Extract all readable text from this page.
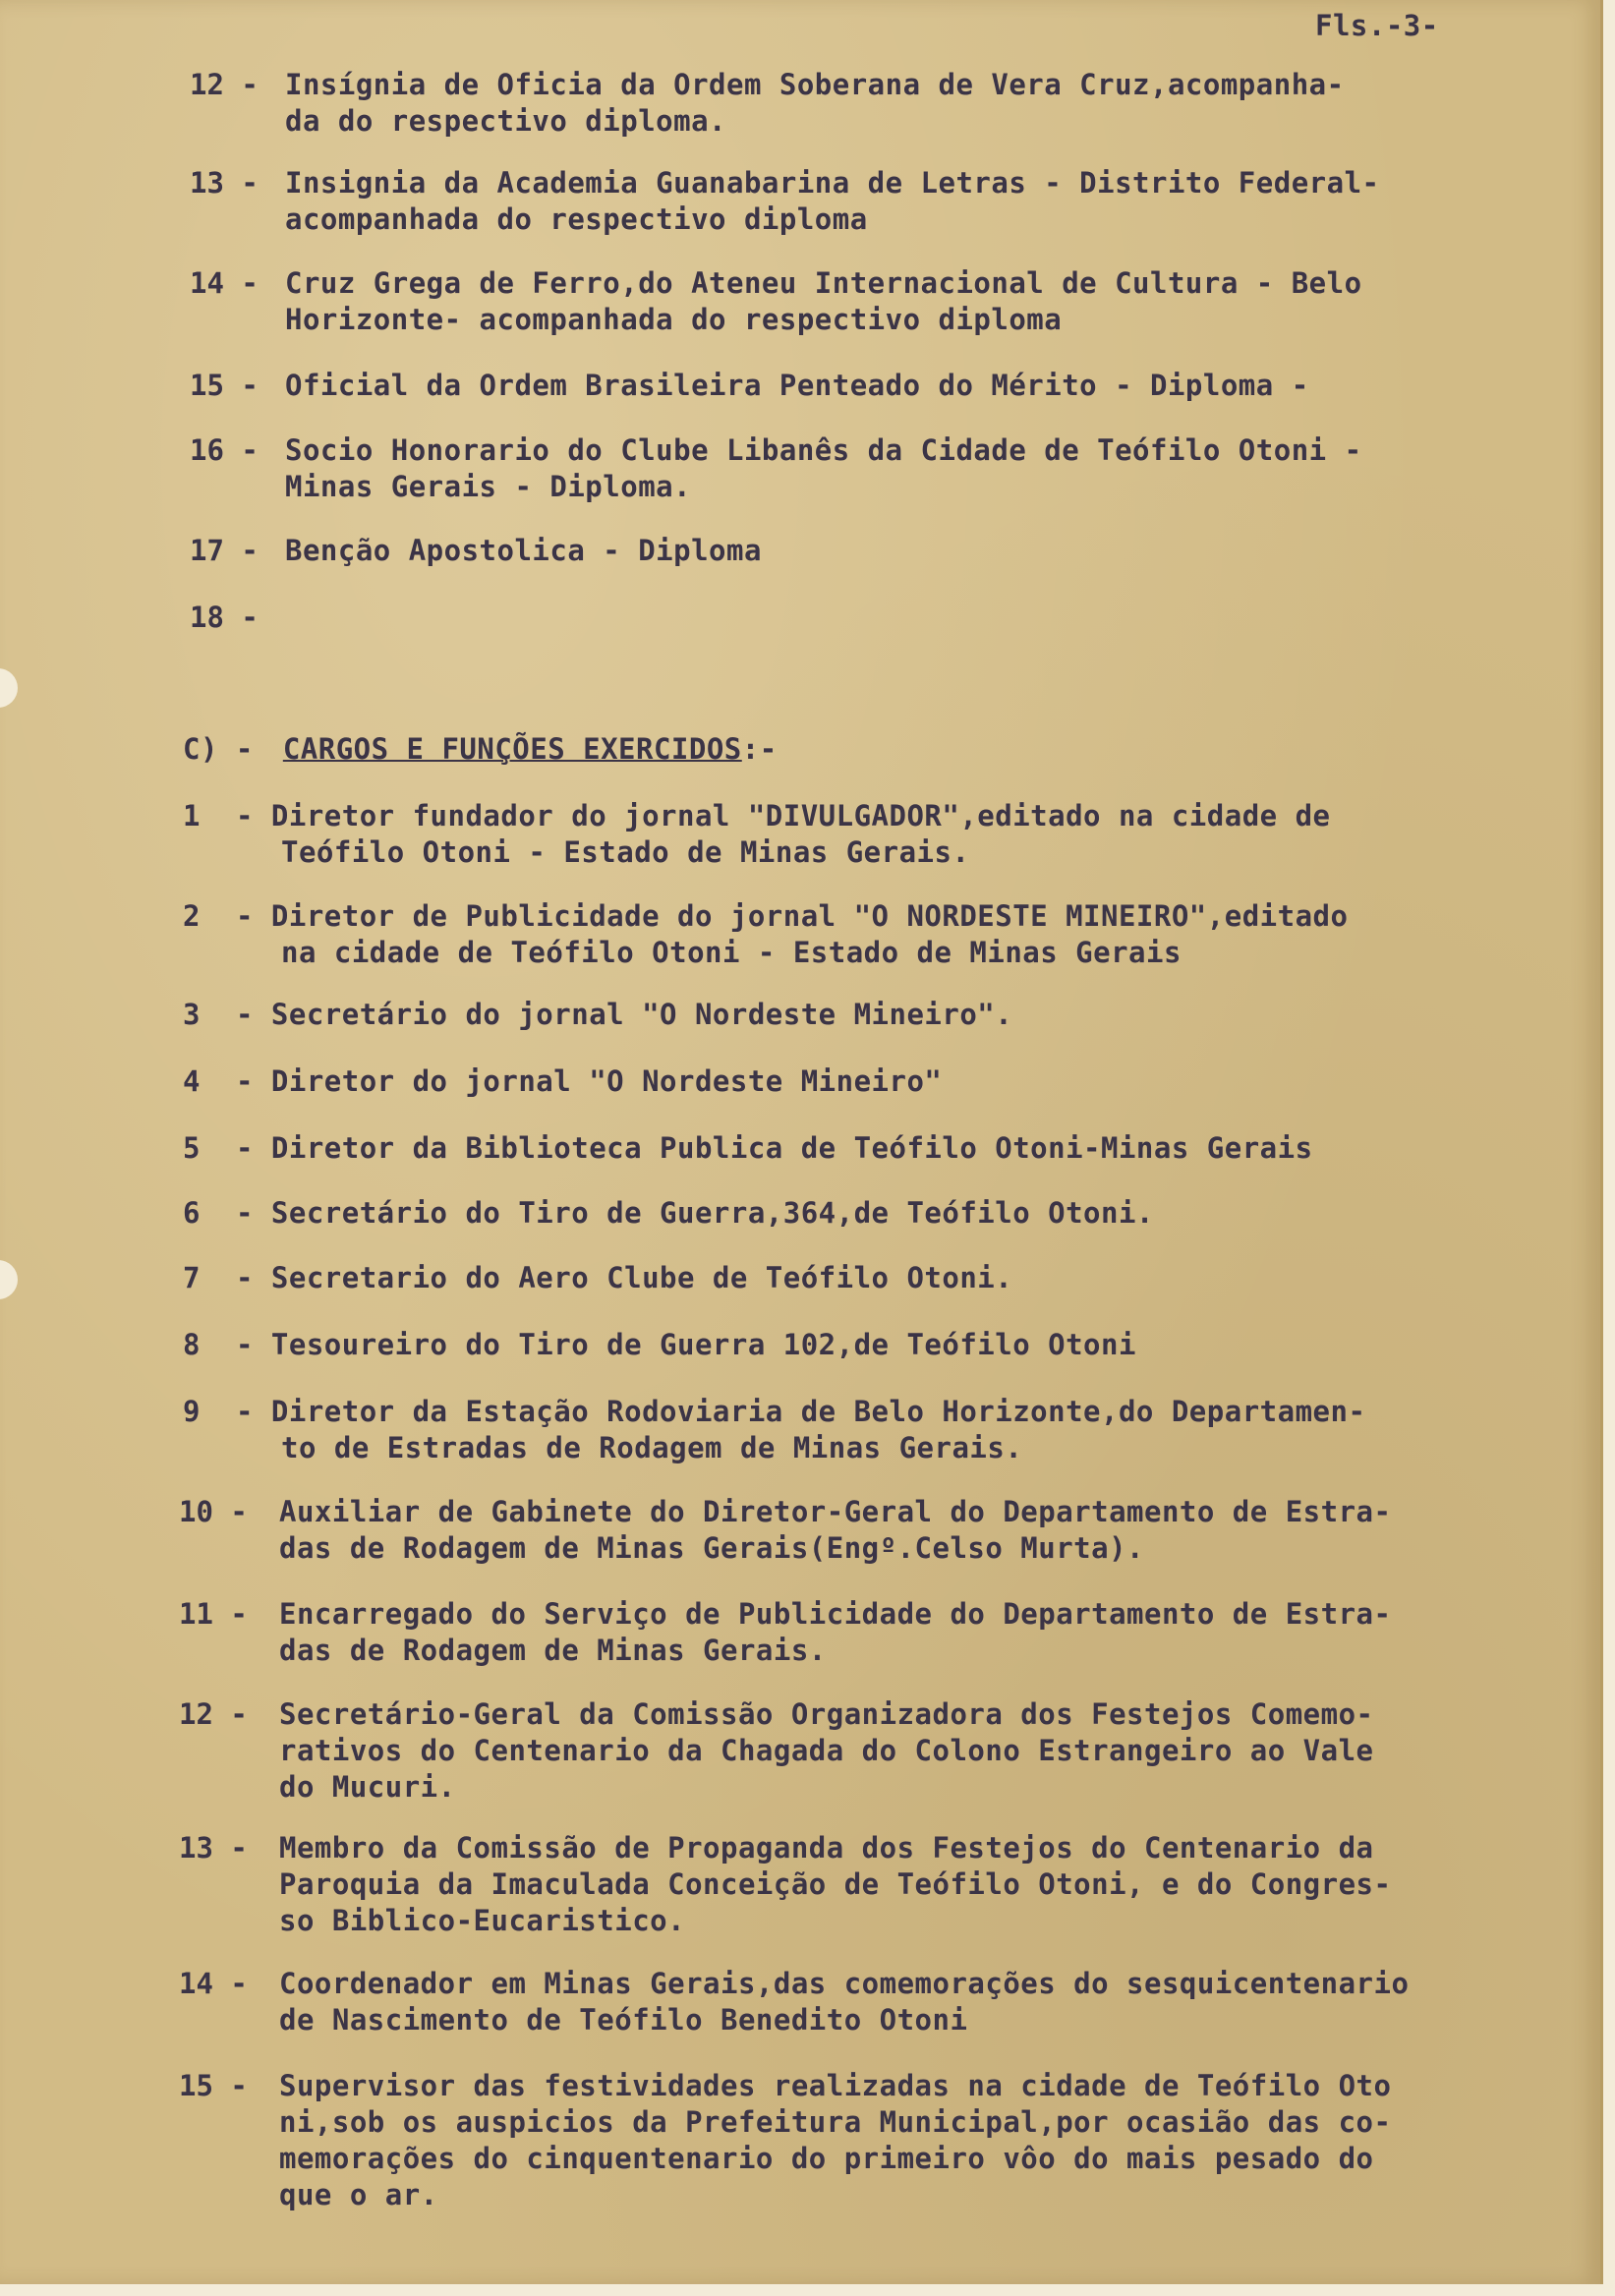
Fls.-3-
12 - Insígnia de Oficia da Ordem Soberana de Vera Cruz,acompanha-
da do respectivo diploma.
13 - Insignia da Academia Guanabarina de Letras - Distrito Federal-
acompanhada do respectivo diploma
14 - Cruz Grega de Ferro,do Ateneu Internacional de Cultura - Belo
Horizonte- acompanhada do respectivo diploma
15 - Oficial da Ordem Brasileira Penteado do Mérito - Diploma -
16 - Socio Honorario do Clube Libanês da Cidade de Teófilo Otoni -
Minas Gerais - Diploma.
17 - Benção Apostolica - Diploma
18 -
C) - CARGOS E FUNÇÕES EXERCIDOS:-
1 - Diretor fundador do jornal "DIVULGADOR",editado na cidade de
Teófilo Otoni - Estado de Minas Gerais.
2 - Diretor de Publicidade do jornal "O NORDESTE MINEIRO",editado
na cidade de Teófilo Otoni - Estado de Minas Gerais
3 - Secretário do jornal "O Nordeste Mineiro".
4 - Diretor do jornal "O Nordeste Mineiro"
5 - Diretor da Biblioteca Publica de Teófilo Otoni-Minas Gerais
6 - Secretário do Tiro de Guerra,364,de Teófilo Otoni.
7 - Secretario do Aero Clube de Teófilo Otoni.
8 - Tesoureiro do Tiro de Guerra 102,de Teófilo Otoni
9 - Diretor da Estação Rodoviaria de Belo Horizonte,do Departamen-
to de Estradas de Rodagem de Minas Gerais.
10 - Auxiliar de Gabinete do Diretor-Geral do Departamento de Estra-
das de Rodagem de Minas Gerais(Engº.Celso Murta).
11 - Encarregado do Serviço de Publicidade do Departamento de Estra-
das de Rodagem de Minas Gerais.
12 - Secretário-Geral da Comissão Organizadora dos Festejos Comemo-
rativos do Centenario da Chagada do Colono Estrangeiro ao Vale
do Mucuri.
13 - Membro da Comissão de Propaganda dos Festejos do Centenario da
Paroquia da Imaculada Conceição de Teófilo Otoni, e do Congres-
so Biblico-Eucaristico.
14 - Coordenador em Minas Gerais,das comemorações do sesquicentenario
de Nascimento de Teófilo Benedito Otoni
15 - Supervisor das festividades realizadas na cidade de Teófilo Oto
ni,sob os auspicios da Prefeitura Municipal,por ocasião das co-
memorações do cinquentenario do primeiro vôo do mais pesado do
que o ar.
